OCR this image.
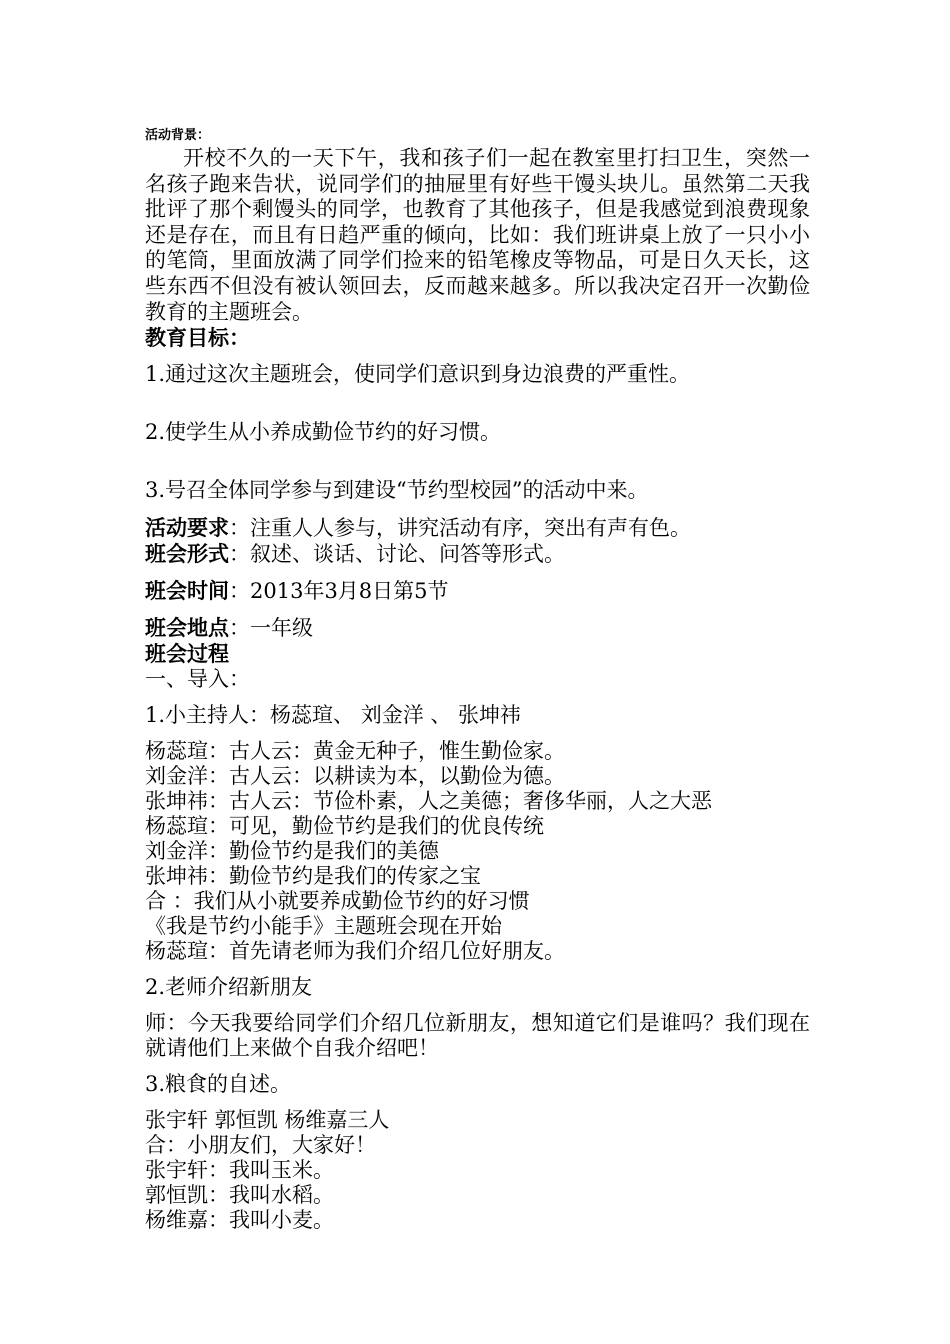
活动背景：

开校不久的一天下午，我和孩子们一起在教室里打扫卫生，突然一名孩子跑来告状，说同学们的抽屉里有好些干馒头块儿。虽然第二天我批评了那个剩馒头的同学，也教育了其他孩子，但是我感觉到浪费现象还是存在，而且有日趋严重的倾向，比如：我们班讲桌上放了一只小小的笔筒，里面放满了同学们捡来的铅笔橡皮等物品，可是日久天长，这些东西不但没有被认领回去，反而越来越多。所以我决定召开一次勤俭教育的主题班会。

教育目标：

1.通过这次主题班会，使同学们意识到身边浪费的严重性。

2.使学生从小养成勤俭节约的好习惯。

3.号召全体同学参与到建设“节约型校园”的活动中来。

活动要求：注重人人参与，讲究活动有序，突出有声有色。

班会形式：叙述、谈话、讨论、问答等形式。

班会时间：2013年3月8日第5节

班会地点：一年级

班会过程

一、导入：

1.小主持人：杨蕊瑄、 刘金洋 、 张坤祎

杨蕊瑄：古人云：黄金无种子，惟生勤俭家。

刘金洋：古人云：以耕读为本，以勤俭为德。

张坤祎：古人云：节俭朴素，人之美德；奢侈华丽，人之大恶

杨蕊瑄：可见，勤俭节约是我们的优良传统

刘金洋：勤俭节约是我们的美德

张坤祎：勤俭节约是我们的传家之宝

合 ：我们从小就要养成勤俭节约的好习惯

《我是节约小能手》主题班会现在开始

杨蕊瑄：首先请老师为我们介绍几位好朋友。

2.老师介绍新朋友

师：今天我要给同学们介绍几位新朋友，想知道它们是谁吗？我们现在就请他们上来做个自我介绍吧！

3.粮食的自述。

张宇轩 郭恒凯 杨维嘉三人

合：小朋友们，大家好！

张宇轩：我叫玉米。

郭恒凯：我叫水稻。

杨维嘉：我叫小麦。
